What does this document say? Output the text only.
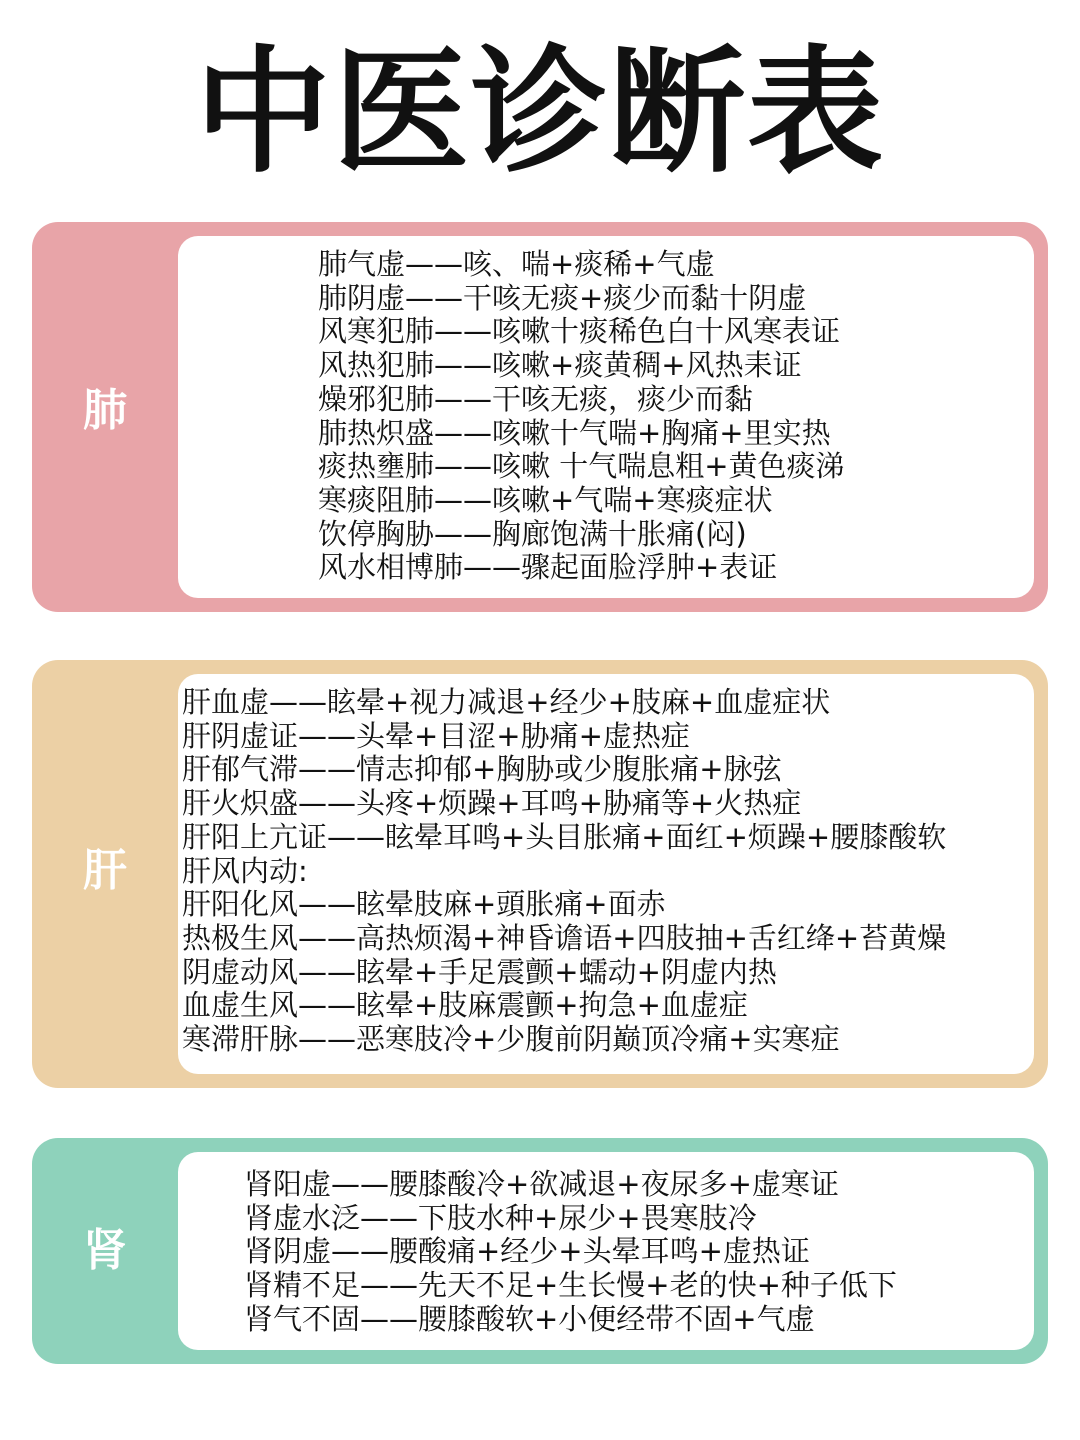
中医诊断表
肺
肺气虚——咳、喘+痰稀+气虚
肺阴虚——干咳无痰+痰少而黏十阴虚
风寒犯肺——咳嗽十痰稀色白十风寒表证
风热犯肺——咳嗽+痰黄稠+风热耒证
燥邪犯肺——干咳无痰，痰少而黏
肺热炽盛——咳嗽十气喘+胸痛+里实热
痰热壅肺——咳嗽 十气喘息粗+黄色痰涕
寒痰阻肺——咳嗽+气喘+寒痰症状
饮停胸胁——胸廊饱满十胀痛(闷)
风水相博肺——骤起面脸浮肿+表证
肝
肝血虚——眩晕+视力减退+经少+肢麻+血虚症状
肝阴虚证——头晕+目涩+胁痛+虚热症
肝郁气滞——情志抑郁+胸胁或少腹胀痛+脉弦
肝火炽盛——头疼+烦躁+耳鸣+胁痛等+火热症
肝阳上亢证——眩晕耳鸣+头目胀痛+面红+烦躁+腰膝酸软
肝风内动:
肝阳化风——眩晕肢麻+頭胀痛+面赤
热极生风——高热烦渴+神昏谵语+四肢抽+舌红绛+苔黄燥
阴虚动风——眩晕+手足震颤+蠕动+阴虚内热
血虚生风——眩晕+肢麻震颤+拘急+血虚症
寒滞肝脉——恶寒肢冷+少腹前阴巅顶冷痛+实寒症
肾
肾阳虚——腰膝酸冷+欲减退+夜尿多+虚寒证
肾虚水泛——下肢水种+尿少+畏寒肢冷
肾阴虚——腰酸痛+经少+头晕耳鸣+虚热证
肾精不足——先天不足+生长慢+老的快+种子低下
肾气不固——腰膝酸软+小便经带不固+气虚
